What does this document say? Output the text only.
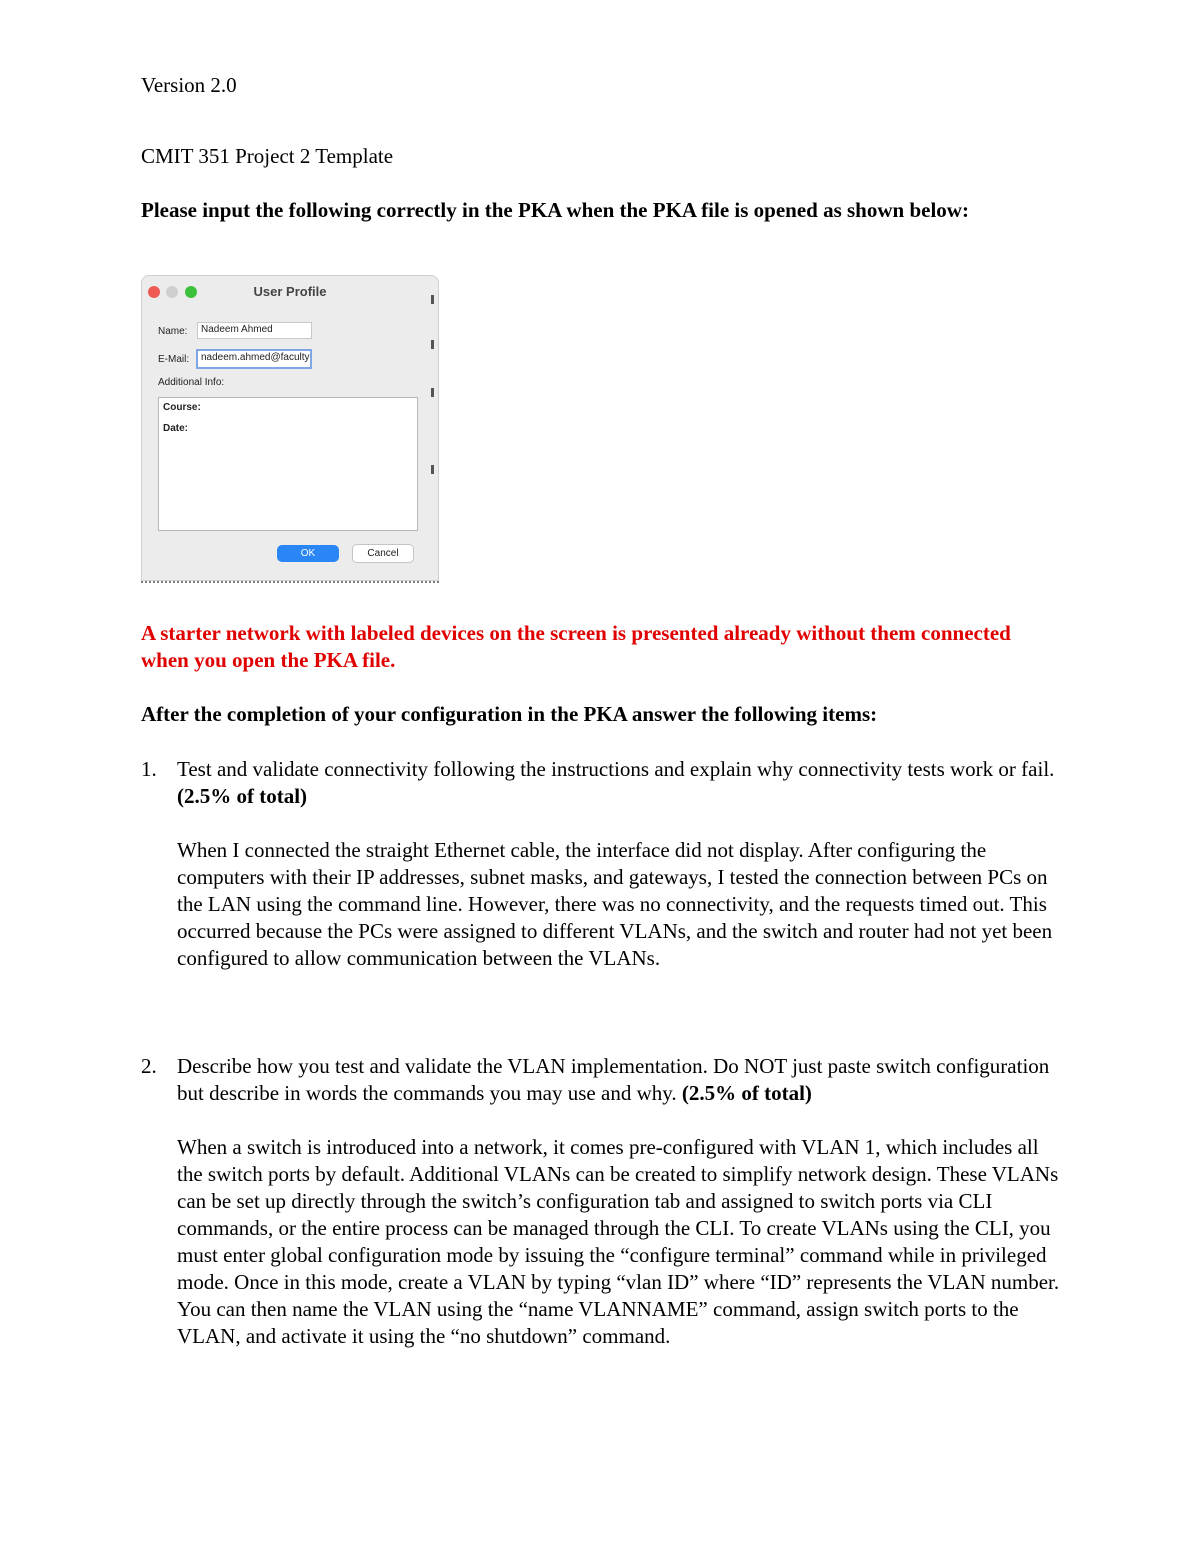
Version 2.0

CMIT 351 Project 2 Template

Please input the following correctly in the PKA when the PKA file is opened as shown below:

User Profile
Name:	Nadeem Ahmed
E-Mail:	nadeem.ahmed@faculty
Additional Info:
Course:
Date:
OK	Cancel

A starter network with labeled devices on the screen is presented already without them connected when you open the PKA file.

After the completion of your configuration in the PKA answer the following items:

1. Test and validate connectivity following the instructions and explain why connectivity tests work or fail. (2.5% of total)

When I connected the straight Ethernet cable, the interface did not display. After configuring the computers with their IP addresses, subnet masks, and gateways, I tested the connection between PCs on the LAN using the command line. However, there was no connectivity, and the requests timed out. This occurred because the PCs were assigned to different VLANs, and the switch and router had not yet been configured to allow communication between the VLANs.

2. Describe how you test and validate the VLAN implementation. Do NOT just paste switch configuration but describe in words the commands you may use and why. (2.5% of total)

When a switch is introduced into a network, it comes pre-configured with VLAN 1, which includes all the switch ports by default. Additional VLANs can be created to simplify network design. These VLANs can be set up directly through the switch’s configuration tab and assigned to switch ports via CLI commands, or the entire process can be managed through the CLI. To create VLANs using the CLI, you must enter global configuration mode by issuing the “configure terminal” command while in privileged mode. Once in this mode, create a VLAN by typing “vlan ID” where “ID” represents the VLAN number. You can then name the VLAN using the “name VLANNAME” command, assign switch ports to the VLAN, and activate it using the “no shutdown” command.
